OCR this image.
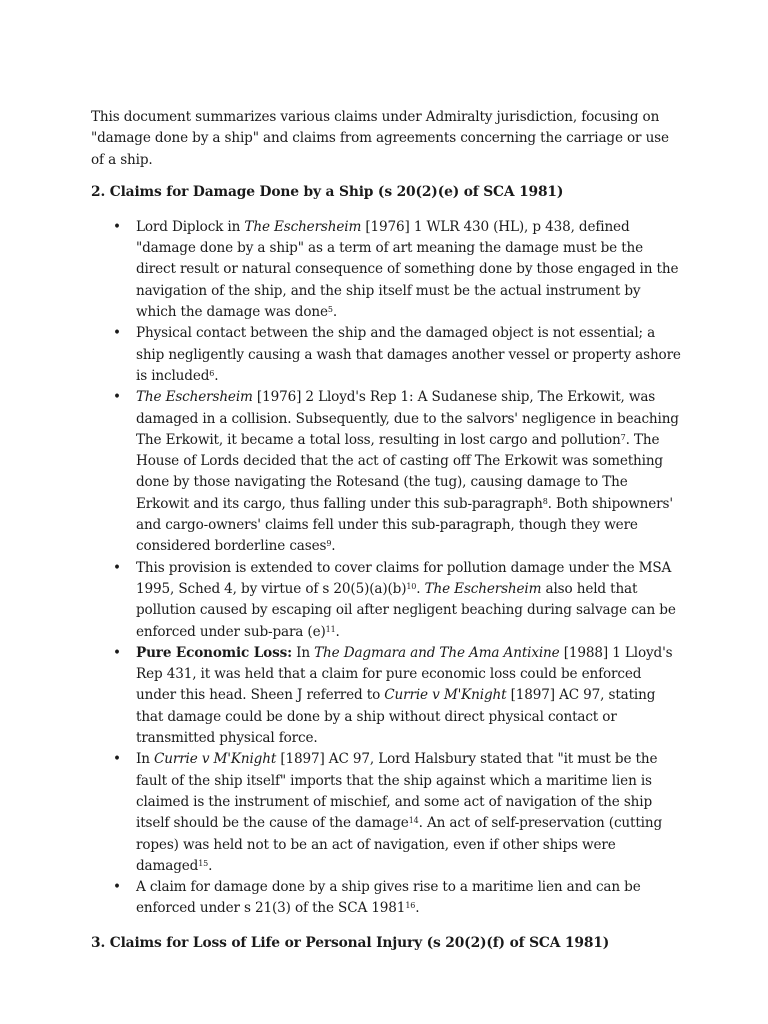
This document summarizes various claims under Admiralty jurisdiction, focusing on "damage done by a ship" and claims from agreements concerning the carriage or use of a ship.

2. Claims for Damage Done by a Ship (s 20(2)(e) of SCA 1981)
• Lord Diplock in The Eschersheim [1976] 1 WLR 430 (HL), p 438, defined "damage done by a ship" as a term of art meaning the damage must be the direct result or natural consequence of something done by those engaged in the navigation of the ship, and the ship itself must be the actual instrument by which the damage was done$^5$.
• Physical contact between the ship and the damaged object is not essential; a ship negligently causing a wash that damages another vessel or property ashore is included$^6$.
• The Eschersheim [1976] 2 Lloyd's Rep 1: A Sudanese ship, The Erkowit, was damaged in a collision. Subsequently, due to the salvors' negligence in beaching The Erkowit, it became a total loss, resulting in lost cargo and pollution$^7$. The House of Lords decided that the act of casting off The Erkowit was something done by those navigating the Rotesand (the tug), causing damage to The Erkowit and its cargo, thus falling under this sub-paragraph$^8$. Both shipowners' and cargo-owners' claims fell under this sub-paragraph, though they were considered borderline cases$^9$.
• This provision is extended to cover claims for pollution damage under the MSA 1995, Sched 4, by virtue of s $20(5)(a)(b)^{10}$. The Eschersheim also held that pollution caused by escaping oil after negligent beaching during salvage can be enforced under sub-para $(e)^{11}$.
• Pure Economic Loss: In The Dagmara and The Ama Antixine [1988] 1 Lloyd's Rep 431, it was held that a claim for pure economic loss could be enforced under this head. Sheen J referred to Currie v M'Knight [1897] AC 97, stating that damage could be done by a ship without direct physical contact or transmitted physical force.
• In Currie v M'Knight [1897] AC 97, Lord Halsbury stated that "it must be the fault of the ship itself" imports that the ship against which a maritime lien is claimed is the instrument of mischief, and some act of navigation of the ship itself should be the cause of the damage$^{14}$. An act of self-preservation (cutting ropes) was held not to be an act of navigation, even if other ships were damaged$^{15}$.
• A claim for damage done by a ship gives rise to a maritime lien and can be enforced under s 21(3) of the SCA 1981$^{16}$.
3. Claims for Loss of Life or Personal Injury (s 20(2)(f) of SCA 1981)
